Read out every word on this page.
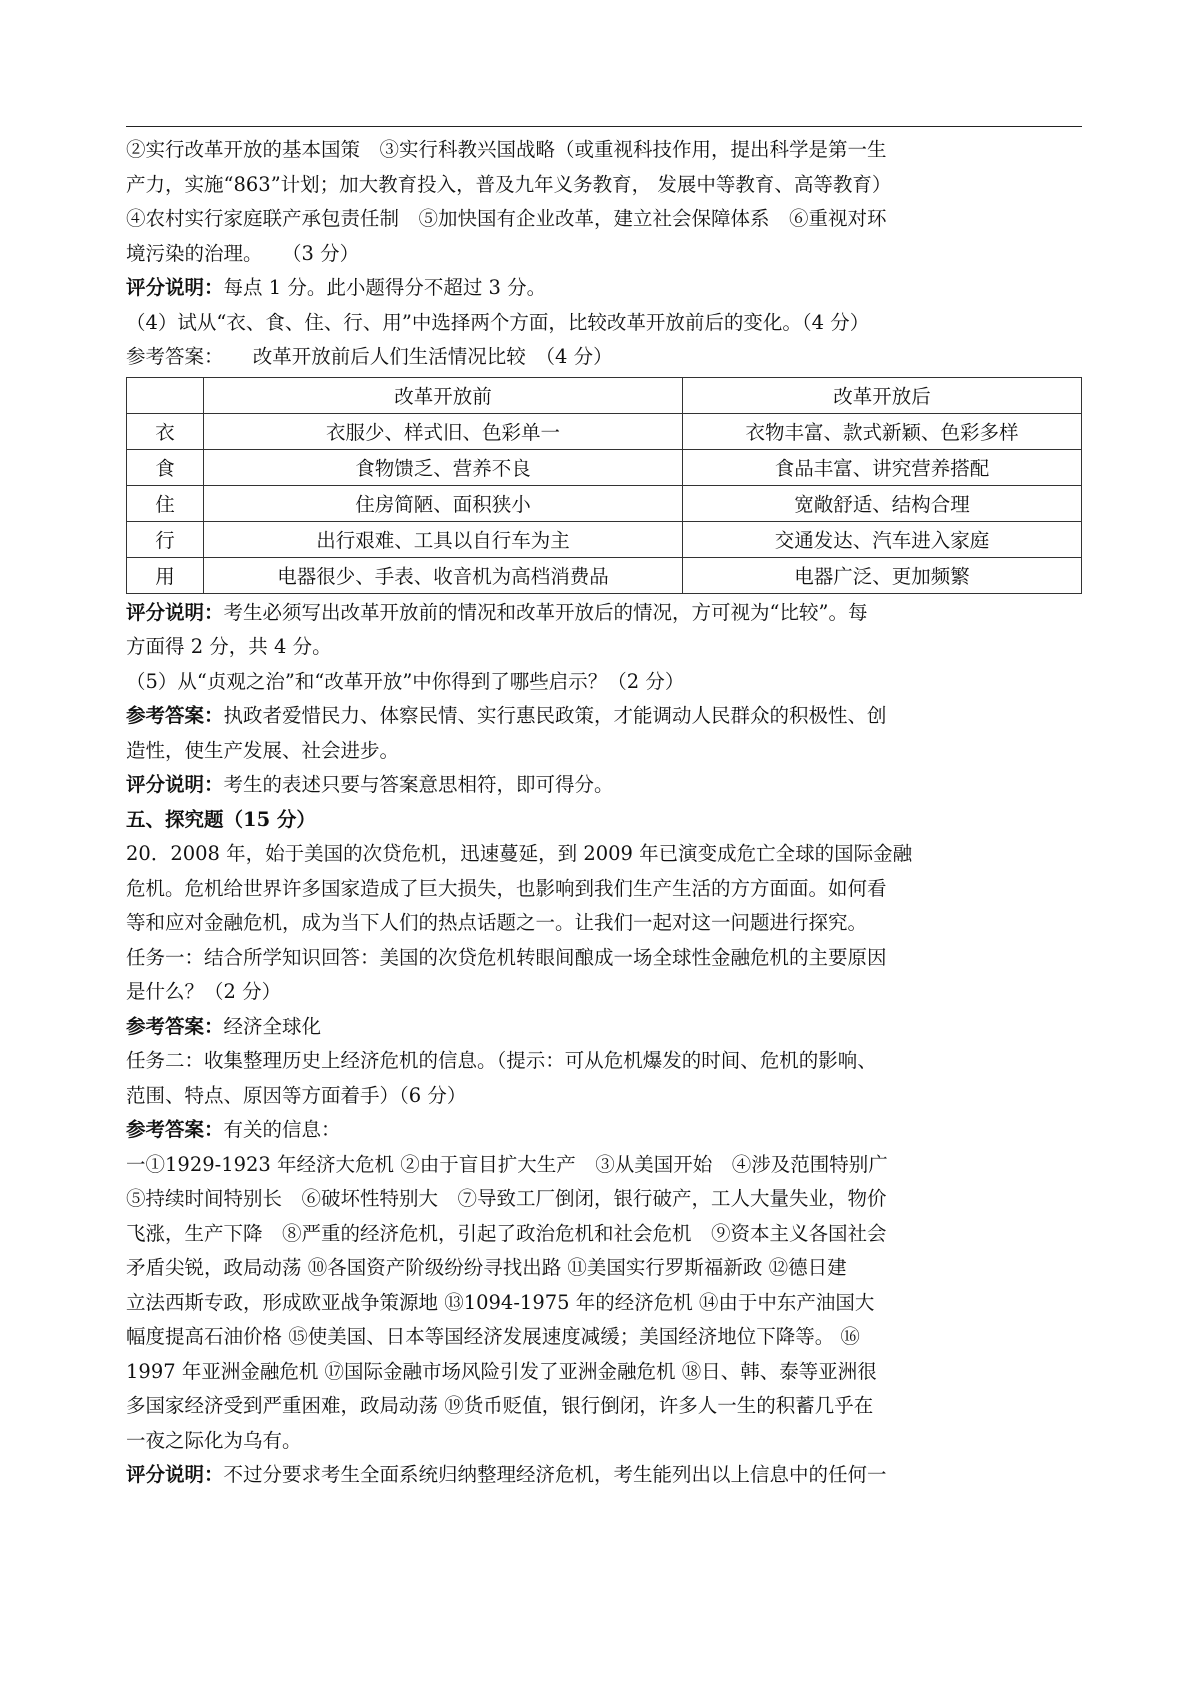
②实行改革开放的基本国策　③实行科教兴国战略（或重视科技作用，提出科学是第一生

产力，实施“863”计划；加大教育投入，普及九年义务教育， 发展中等教育、高等教育）

④农村实行家庭联产承包责任制　⑤加快国有企业改革，建立社会保障体系　⑥重视对环

境污染的治理。　　（3 分）

评分说明：每点 1 分。此小题得分不超过 3 分。

（4）试从“衣、食、住、行、用”中选择两个方面，比较改革开放前后的变化。（4 分）

参考答案：　　改革开放前后人们生活情况比较　（4 分）

	改革开放前	改革开放后
衣	衣服少、样式旧、色彩单一	衣物丰富、款式新颖、色彩多样
食	食物馈乏、营养不良	食品丰富、讲究营养搭配
住	住房简陋、面积狭小	宽敞舒适、结构合理
行	出行艰难、工具以自行车为主	交通发达、汽车进入家庭
用	电器很少、手表、收音机为高档消费品	电器广泛、更加频繁

评分说明：考生必须写出改革开放前的情况和改革开放后的情况，方可视为“比较”。每

方面得 2 分，共 4 分。

（5）从“贞观之治”和“改革开放”中你得到了哪些启示？（2 分）

参考答案：执政者爱惜民力、体察民情、实行惠民政策，才能调动人民群众的积极性、创

造性，使生产发展、社会进步。

评分说明：考生的表述只要与答案意思相符，即可得分。

五、探究题（15 分）

20．2008 年，始于美国的次贷危机，迅速蔓延，到 2009 年已演变成危亡全球的国际金融

危机。危机给世界许多国家造成了巨大损失，也影响到我们生产生活的方方面面。如何看

等和应对金融危机，成为当下人们的热点话题之一。让我们一起对这一问题进行探究。

任务一：结合所学知识回答：美国的次贷危机转眼间酿成一场全球性金融危机的主要原因

是什么？（2 分）

参考答案：经济全球化

任务二：收集整理历史上经济危机的信息。（提示：可从危机爆发的时间、危机的影响、

范围、特点、原因等方面着手）（6 分）

参考答案：有关的信息：

一①1929-1923 年经济大危机 ②由于盲目扩大生产　③从美国开始　④涉及范围特别广

⑤持续时间特别长　⑥破坏性特别大　⑦导致工厂倒闭，银行破产，工人大量失业，物价

飞涨，生产下降　⑧严重的经济危机，引起了政治危机和社会危机　⑨资本主义各国社会

矛盾尖锐，政局动荡 ⑩各国资产阶级纷纷寻找出路 ⑪美国实行罗斯福新政 ⑫德日建

立法西斯专政，形成欧亚战争策源地 ⑬1094-1975 年的经济危机 ⑭由于中东产油国大

幅度提高石油价格 ⑮使美国、日本等国经济发展速度减缓；美国经济地位下降等。 ⑯

1997 年亚洲金融危机 ⑰国际金融市场风险引发了亚洲金融危机 ⑱日、韩、泰等亚洲很

多国家经济受到严重困难，政局动荡 ⑲货币贬值，银行倒闭，许多人一生的积蓄几乎在

一夜之际化为乌有。

评分说明：不过分要求考生全面系统归纳整理经济危机，考生能列出以上信息中的任何一
